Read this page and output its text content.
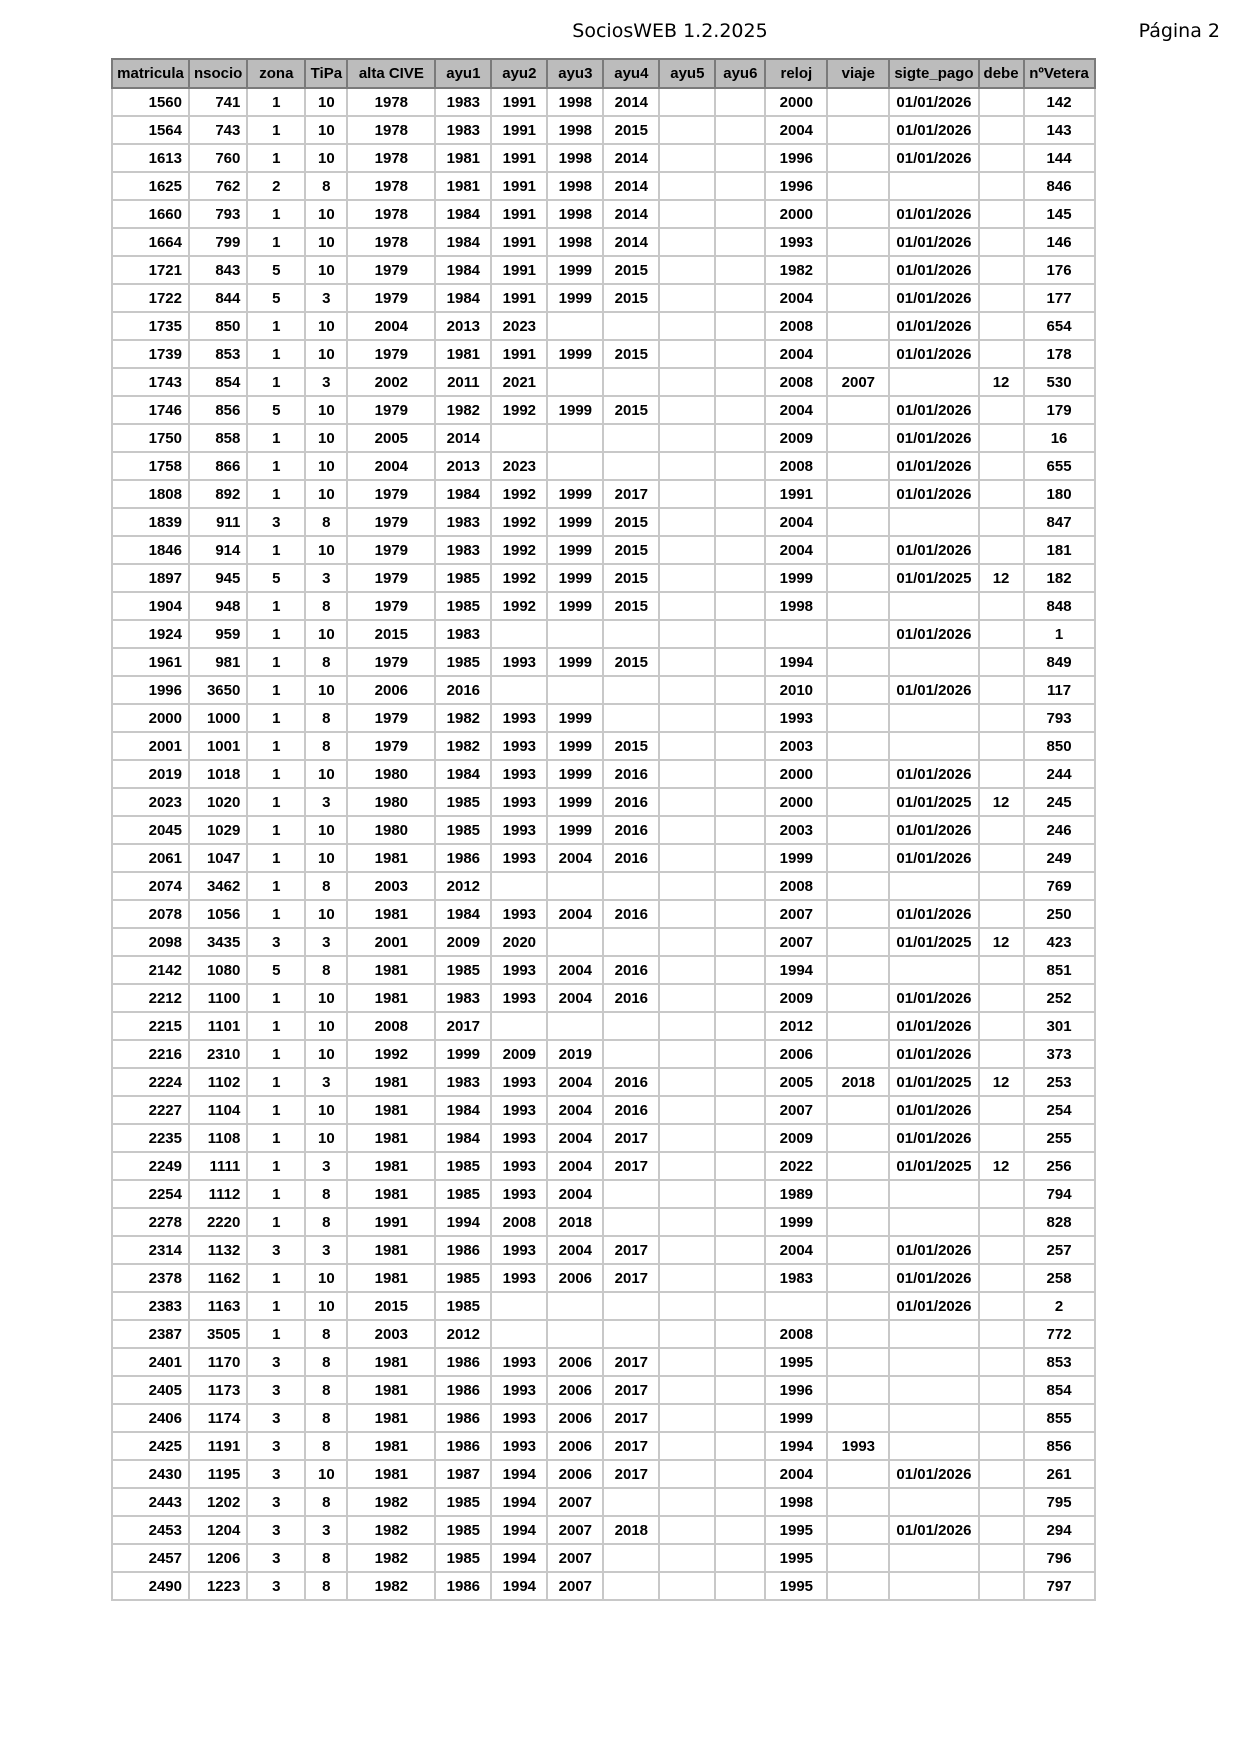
SociosWEB 1.2.2025	Página 2
matricula	nsocio	zona	TiPa	alta CIVE	ayu1	ayu2	ayu3	ayu4	ayu5	ayu6	reloj	viaje	sigte_pago	debe	nºVetera
1560	741	1	10	1978	1983	1991	1998	2014			2000		01/01/2026		142
1564	743	1	10	1978	1983	1991	1998	2015			2004		01/01/2026		143
1613	760	1	10	1978	1981	1991	1998	2014			1996		01/01/2026		144
1625	762	2	8	1978	1981	1991	1998	2014			1996				846
1660	793	1	10	1978	1984	1991	1998	2014			2000		01/01/2026		145
1664	799	1	10	1978	1984	1991	1998	2014			1993		01/01/2026		146
1721	843	5	10	1979	1984	1991	1999	2015			1982		01/01/2026		176
1722	844	5	3	1979	1984	1991	1999	2015			2004		01/01/2026		177
1735	850	1	10	2004	2013	2023					2008		01/01/2026		654
1739	853	1	10	1979	1981	1991	1999	2015			2004		01/01/2026		178
1743	854	1	3	2002	2011	2021					2008	2007		12	530
1746	856	5	10	1979	1982	1992	1999	2015			2004		01/01/2026		179
1750	858	1	10	2005	2014						2009		01/01/2026		16
1758	866	1	10	2004	2013	2023					2008		01/01/2026		655
1808	892	1	10	1979	1984	1992	1999	2017			1991		01/01/2026		180
1839	911	3	8	1979	1983	1992	1999	2015			2004				847
1846	914	1	10	1979	1983	1992	1999	2015			2004		01/01/2026		181
1897	945	5	3	1979	1985	1992	1999	2015			1999		01/01/2025	12	182
1904	948	1	8	1979	1985	1992	1999	2015			1998				848
1924	959	1	10	2015	1983								01/01/2026		1
1961	981	1	8	1979	1985	1993	1999	2015			1994				849
1996	3650	1	10	2006	2016						2010		01/01/2026		117
2000	1000	1	8	1979	1982	1993	1999				1993				793
2001	1001	1	8	1979	1982	1993	1999	2015			2003				850
2019	1018	1	10	1980	1984	1993	1999	2016			2000		01/01/2026		244
2023	1020	1	3	1980	1985	1993	1999	2016			2000		01/01/2025	12	245
2045	1029	1	10	1980	1985	1993	1999	2016			2003		01/01/2026		246
2061	1047	1	10	1981	1986	1993	2004	2016			1999		01/01/2026		249
2074	3462	1	8	2003	2012						2008				769
2078	1056	1	10	1981	1984	1993	2004	2016			2007		01/01/2026		250
2098	3435	3	3	2001	2009	2020					2007		01/01/2025	12	423
2142	1080	5	8	1981	1985	1993	2004	2016			1994				851
2212	1100	1	10	1981	1983	1993	2004	2016			2009		01/01/2026		252
2215	1101	1	10	2008	2017						2012		01/01/2026		301
2216	2310	1	10	1992	1999	2009	2019				2006		01/01/2026		373
2224	1102	1	3	1981	1983	1993	2004	2016			2005	2018	01/01/2025	12	253
2227	1104	1	10	1981	1984	1993	2004	2016			2007		01/01/2026		254
2235	1108	1	10	1981	1984	1993	2004	2017			2009		01/01/2026		255
2249	1111	1	3	1981	1985	1993	2004	2017			2022		01/01/2025	12	256
2254	1112	1	8	1981	1985	1993	2004				1989				794
2278	2220	1	8	1991	1994	2008	2018				1999				828
2314	1132	3	3	1981	1986	1993	2004	2017			2004		01/01/2026		257
2378	1162	1	10	1981	1985	1993	2006	2017			1983		01/01/2026		258
2383	1163	1	10	2015	1985								01/01/2026		2
2387	3505	1	8	2003	2012						2008				772
2401	1170	3	8	1981	1986	1993	2006	2017			1995				853
2405	1173	3	8	1981	1986	1993	2006	2017			1996				854
2406	1174	3	8	1981	1986	1993	2006	2017			1999				855
2425	1191	3	8	1981	1986	1993	2006	2017			1994	1993			856
2430	1195	3	10	1981	1987	1994	2006	2017			2004		01/01/2026		261
2443	1202	3	8	1982	1985	1994	2007				1998				795
2453	1204	3	3	1982	1985	1994	2007	2018			1995		01/01/2026		294
2457	1206	3	8	1982	1985	1994	2007				1995				796
2490	1223	3	8	1982	1986	1994	2007				1995				797
